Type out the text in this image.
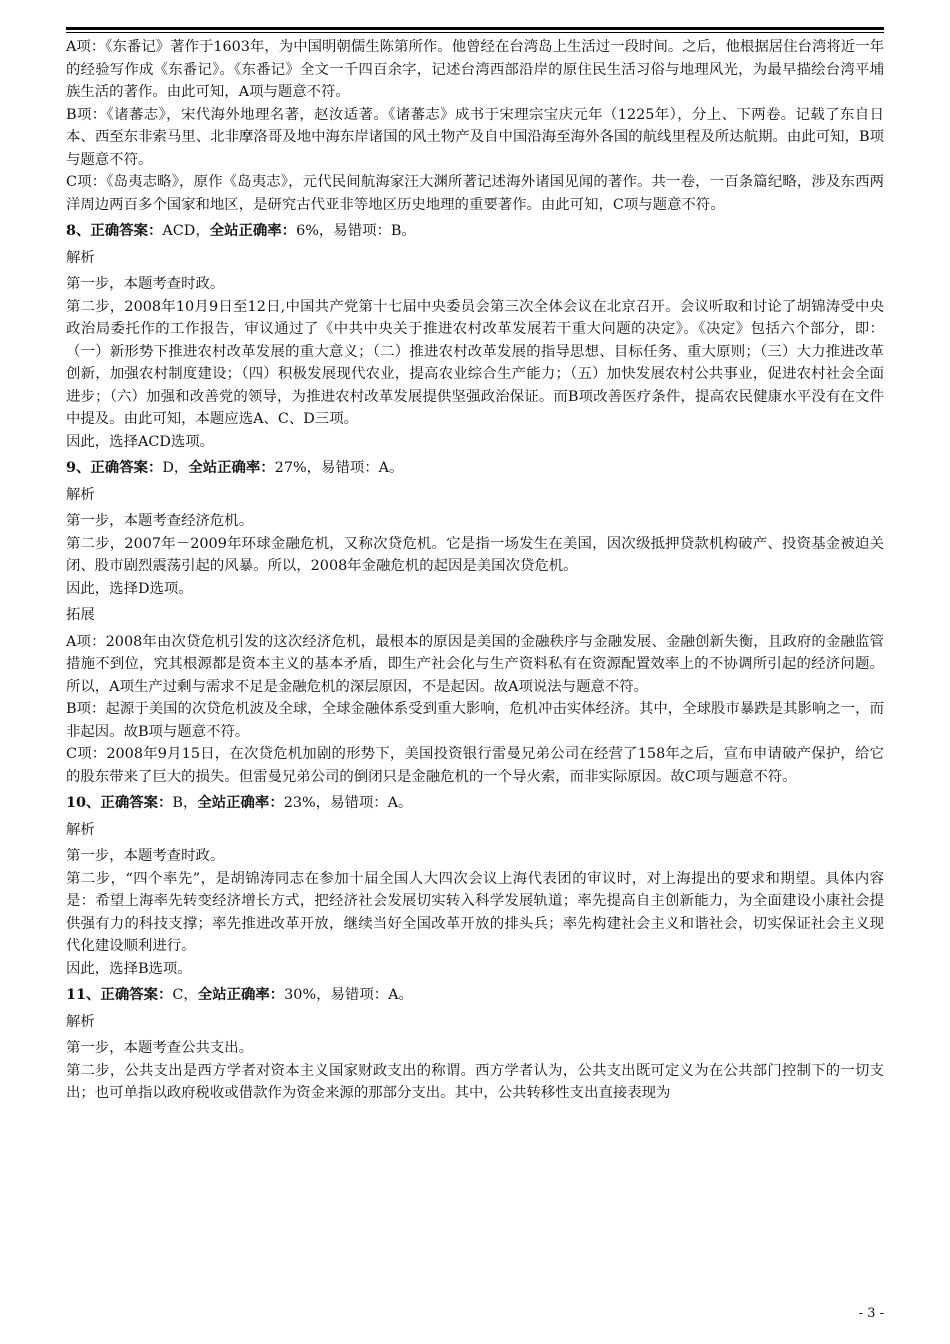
A项：《东番记》著作于1603年，为中国明朝儒生陈第所作。他曾经在台湾岛上生活过一段时间。之后，他根据居住台湾将近一年的经验写作成《东番记》。《东番记》全文一千四百余字，记述台湾西部沿岸的原住民生活习俗与地理风光，为最早描绘台湾平埔族生活的著作。由此可知，A项与题意不符。

B项：《诸蕃志》，宋代海外地理名著，赵汝适著。《诸蕃志》成书于宋理宗宝庆元年（1225年），分上、下两卷。记载了东自日本、西至东非索马里、北非摩洛哥及地中海东岸诸国的风土物产及自中国沿海至海外各国的航线里程及所达航期。由此可知，B项与题意不符。

C项：《岛夷志略》，原作《岛夷志》，元代民间航海家汪大渊所著记述海外诸国见闻的著作。共一卷，一百条篇纪略，涉及东西两洋周边两百多个国家和地区，是研究古代亚非等地区历史地理的重要著作。由此可知，C项与题意不符。

8、正确答案：ACD，全站正确率：6%，易错项：B。

解析

第一步，本题考查时政。

第二步，2008年10月9日至12日,中国共产党第十七届中央委员会第三次全体会议在北京召开。会议听取和讨论了胡锦涛受中央政治局委托作的工作报告，审议通过了《中共中央关于推进农村改革发展若干重大问题的决定》。《决定》包括六个部分，即：（一）新形势下推进农村改革发展的重大意义；（二）推进农村改革发展的指导思想、目标任务、重大原则；（三）大力推进改革创新，加强农村制度建设；（四）积极发展现代农业，提高农业综合生产能力；（五）加快发展农村公共事业，促进农村社会全面进步；（六）加强和改善党的领导，为推进农村改革发展提供坚强政治保证。而B项改善医疗条件，提高农民健康水平没有在文件中提及。由此可知，本题应选A、C、D三项。

因此，选择ACD选项。

9、正确答案：D，全站正确率：27%，易错项：A。

解析

第一步，本题考查经济危机。

第二步，2007年－2009年环球金融危机，又称次贷危机。它是指一场发生在美国，因次级抵押贷款机构破产、投资基金被迫关闭、股市剧烈震荡引起的风暴。所以，2008年金融危机的起因是美国次贷危机。

因此，选择D选项。

拓展

A项：2008年由次贷危机引发的这次经济危机，最根本的原因是美国的金融秩序与金融发展、金融创新失衡，且政府的金融监管措施不到位，究其根源都是资本主义的基本矛盾，即生产社会化与生产资料私有在资源配置效率上的不协调所引起的经济问题。所以，A项生产过剩与需求不足是金融危机的深层原因，不是起因。故A项说法与题意不符。

B项：起源于美国的次贷危机波及全球，全球金融体系受到重大影响，危机冲击实体经济。其中，全球股市暴跌是其影响之一，而非起因。故B项与题意不符。

C项：2008年9月15日，在次贷危机加剧的形势下，美国投资银行雷曼兄弟公司在经营了158年之后，宣布申请破产保护，给它的股东带来了巨大的损失。但雷曼兄弟公司的倒闭只是金融危机的一个导火索，而非实际原因。故C项与题意不符。

10、正确答案：B，全站正确率：23%，易错项：A。

解析

第一步，本题考查时政。

第二步，“四个率先”，是胡锦涛同志在参加十届全国人大四次会议上海代表团的审议时，对上海提出的要求和期望。具体内容是：希望上海率先转变经济增长方式，把经济社会发展切实转入科学发展轨道；率先提高自主创新能力，为全面建设小康社会提供强有力的科技支撑；率先推进改革开放，继续当好全国改革开放的排头兵；率先构建社会主义和谐社会，切实保证社会主义现代化建设顺利进行。

因此，选择B选项。

11、正确答案：C，全站正确率：30%，易错项：A。

解析

第一步，本题考查公共支出。

第二步，公共支出是西方学者对资本主义国家财政支出的称谓。西方学者认为，公共支出既可定义为在公共部门控制下的一切支出；也可单指以政府税收或借款作为资金来源的那部分支出。其中，公共转移性支出直接表现为

- 3 -
